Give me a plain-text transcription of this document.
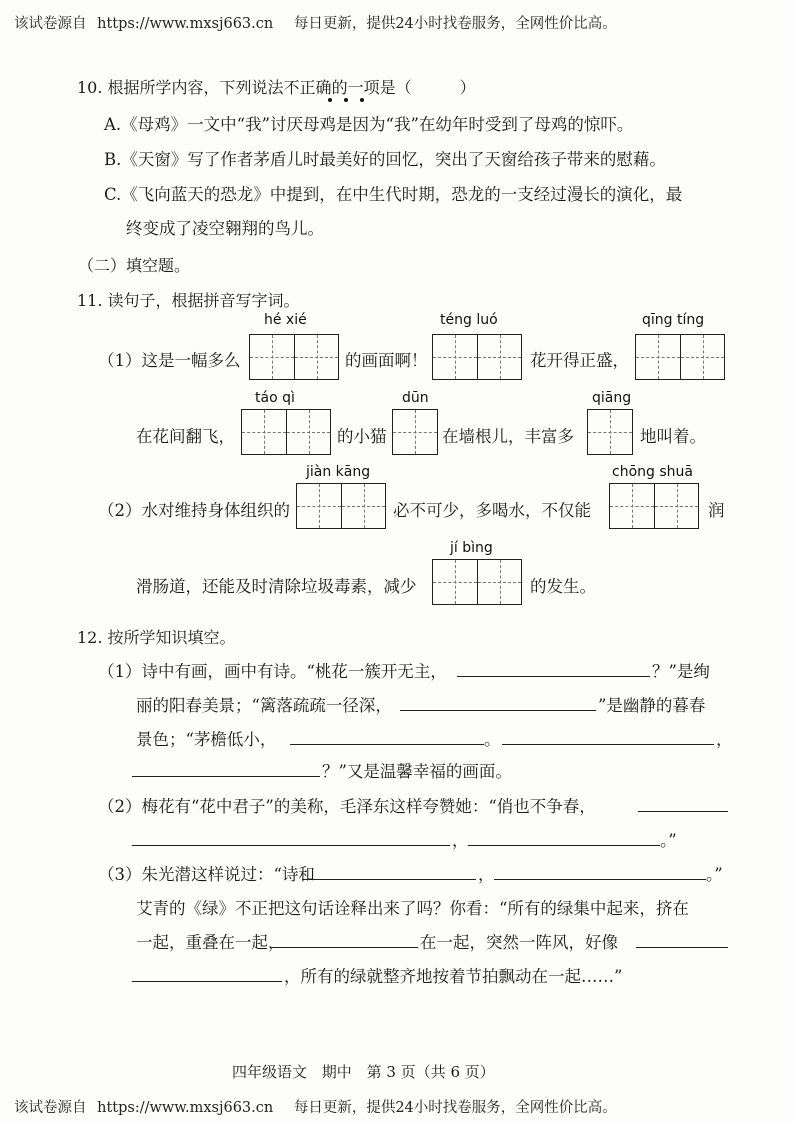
该试卷源自 https://www.mxsj663.cn 每日更新，提供24小时找卷服务，全网性价比高。
10. 根据所学内容，下列说法不正确的一项是（	）
A.《母鸡》一文中“我”讨厌母鸡是因为“我”在幼年时受到了母鸡的惊吓。
B.《天窗》写了作者茅盾儿时最美好的回忆，突出了天窗给孩子带来的慰藉。
C.《飞向蓝天的恐龙》中提到，在中生代时期，恐龙的一支经过漫长的演化，最
终变成了凌空翱翔的鸟儿。
（二）填空题。
11. 读句子，根据拼音写字词。
hé xié	téng luó	qīng tíng
（1）这是一幅多么	的画面啊！	花开得正盛，
táo qì	dūn	qiāng
在花间翻飞，	的小猫	在墙根儿，丰富多	地叫着。
jiàn kāng	chōng shuā
（2）水对维持身体组织的	必不可少，多喝水，不仅能	润
jí bìng
滑肠道，还能及时清除垃圾毒素，减少	的发生。
12. 按所学知识填空。
（1）诗中有画，画中有诗。“桃花一簇开无主，	？”是绚
丽的阳春美景；“篱落疏疏一径深，	”是幽静的暮春
景色；“茅檐低小，	。	，
？”又是温馨幸福的画面。
（2）梅花有“花中君子”的美称，毛泽东这样夸赞她：“俏也不争春，
，	。”
（3）朱光潜这样说过：“诗和	，	。”
艾青的《绿》不正把这句话诠释出来了吗？你看：“所有的绿集中起来，挤在
一起，重叠在一起，	在一起，突然一阵风，好像
，所有的绿就整齐地按着节拍飘动在一起……”
四年级语文 期中 第 3 页（共 6 页）
该试卷源自 https://www.mxsj663.cn 每日更新，提供24小时找卷服务，全网性价比高。
